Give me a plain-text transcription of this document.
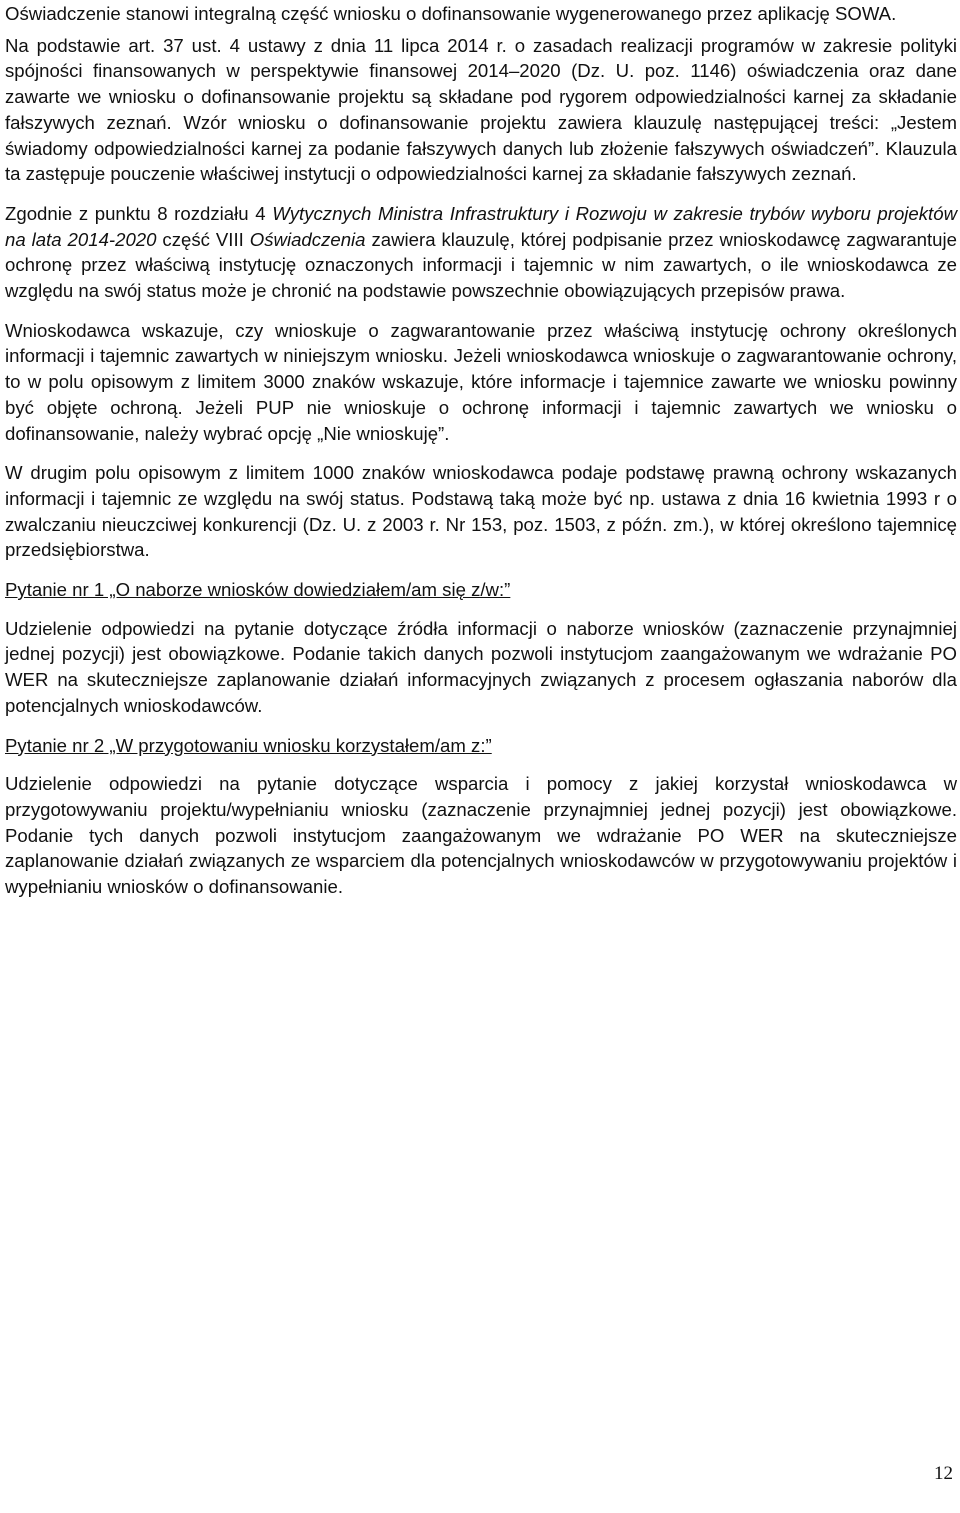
Oświadczenie stanowi integralną część wniosku o dofinansowanie wygenerowanego przez aplikację SOWA.

Na podstawie art. 37 ust. 4 ustawy z dnia 11 lipca 2014 r. o zasadach realizacji programów w zakresie polityki spójności finansowanych w perspektywie finansowej 2014–2020 (Dz. U. poz. 1146) oświadczenia oraz dane zawarte we wniosku o dofinansowanie projektu są składane pod rygorem odpowiedzialności karnej za składanie fałszywych zeznań. Wzór wniosku o dofinansowanie projektu zawiera klauzulę następującej treści: „Jestem świadomy odpowiedzialności karnej za podanie fałszywych danych lub złożenie fałszywych oświadczeń”. Klauzula ta zastępuje pouczenie właściwej instytucji o odpowiedzialności karnej za składanie fałszywych zeznań.

Zgodnie z punktu 8 rozdziału 4 Wytycznych Ministra Infrastruktury i Rozwoju w zakresie trybów wyboru projektów na lata 2014-2020 część VIII Oświadczenia zawiera klauzulę, której podpisanie przez wnioskodawcę zagwarantuje ochronę przez właściwą instytucję oznaczonych informacji i tajemnic w nim zawartych, o ile wnioskodawca ze względu na swój status może je chronić na podstawie powszechnie obowiązujących przepisów prawa.

Wnioskodawca wskazuje, czy wnioskuje o zagwarantowanie przez właściwą instytucję ochrony określonych informacji i tajemnic zawartych w niniejszym wniosku. Jeżeli wnioskodawca wnioskuje o zagwarantowanie ochrony, to w polu opisowym z limitem 3000 znaków wskazuje, które informacje i tajemnice zawarte we wniosku powinny być objęte ochroną. Jeżeli PUP nie wnioskuje o ochronę informacji i tajemnic zawartych we wniosku o dofinansowanie, należy wybrać opcję „Nie wnioskuję”.

W drugim polu opisowym z limitem 1000 znaków wnioskodawca podaje podstawę prawną ochrony wskazanych informacji i tajemnic ze względu na swój status. Podstawą taką może być np. ustawa z dnia 16 kwietnia 1993 r o zwalczaniu nieuczciwej konkurencji (Dz. U. z 2003 r. Nr 153, poz. 1503, z późn. zm.), w której określono tajemnicę przedsiębiorstwa.

Pytanie nr 1 „O naborze wniosków dowiedziałem/am się z/w:”

Udzielenie odpowiedzi na pytanie dotyczące źródła informacji o naborze wniosków (zaznaczenie przynajmniej jednej pozycji) jest obowiązkowe. Podanie takich danych pozwoli instytucjom zaangażowanym we wdrażanie PO WER na skuteczniejsze zaplanowanie działań informacyjnych związanych z procesem ogłaszania naborów dla potencjalnych wnioskodawców.

Pytanie nr 2 „W przygotowaniu wniosku korzystałem/am z:”

Udzielenie odpowiedzi na pytanie dotyczące wsparcia i pomocy z jakiej korzystał wnioskodawca w przygotowywaniu projektu/wypełnianiu wniosku (zaznaczenie przynajmniej jednej pozycji) jest obowiązkowe. Podanie tych danych pozwoli instytucjom zaangażowanym we wdrażanie PO WER na skuteczniejsze zaplanowanie działań związanych ze wsparciem dla potencjalnych wnioskodawców w przygotowywaniu projektów i wypełnianiu wniosków o dofinansowanie.

12
